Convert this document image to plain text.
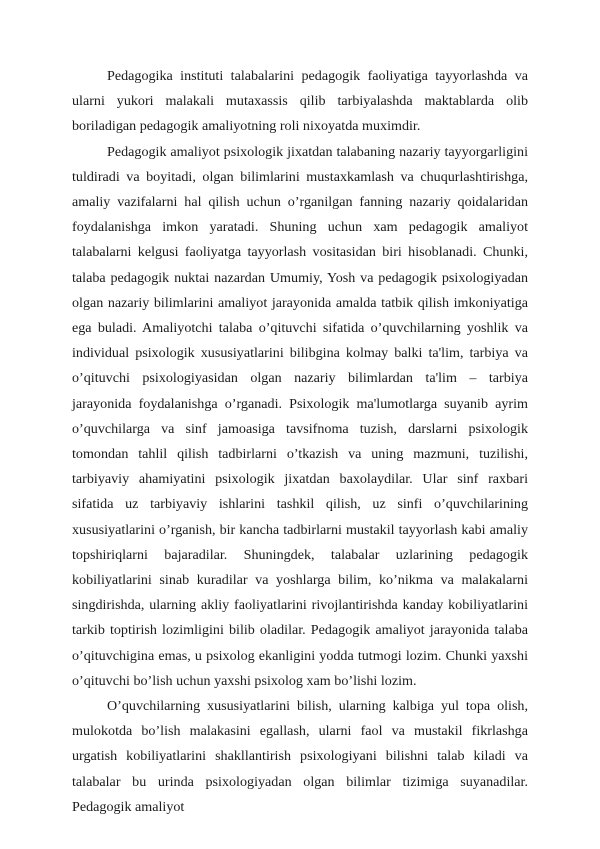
Pedagogika instituti talabalarini pedagogik faoliyatiga tayyorlashda va ularni yukori malakali mutaxassis qilib tarbiyalashda maktablarda olib boriladigan pedagogik amaliyotning roli nixoyatda muximdir.

Pedagogik amaliyot psixologik jixatdan talabaning nazariy tayyorgarligini tuldiradi va boyitadi, olgan bilimlarini mustaxkamlash va chuqurlashtirishga, amaliy vazifalarni hal qilish uchun o’rganilgan fanning nazariy qoidalaridan foydalanishga imkon yaratadi. Shuning uchun xam pedagogik amaliyot talabalarni kelgusi faoliyatga tayyorlash vositasidan biri hisoblanadi. Chunki, talaba pedagogik nuktai nazardan Umumiy, Yosh va pedagogik psixologiyadan olgan nazariy bilimlarini amaliyot jarayonida amalda tatbik qilish imkoniyatiga ega buladi. Amaliyotchi talaba o’qituvchi sifatida o’quvchilarning yoshlik va individual psixologik xususiyatlarini bilibgina kolmay balki ta'lim, tarbiya va o’qituvchi psixologiyasidan olgan nazariy bilimlardan ta'lim – tarbiya jarayonida foydalanishga o’rganadi. Psixologik ma'lumotlarga suyanib ayrim o’quvchilarga va sinf jamoasiga tavsifnoma tuzish, darslarni psixologik tomondan tahlil qilish tadbirlarni o’tkazish va uning mazmuni, tuzilishi, tarbiyaviy ahamiyatini psixologik jixatdan baxolaydilar. Ular sinf raxbari sifatida uz tarbiyaviy ishlarini tashkil qilish, uz sinfi o’quvchilarining xususiyatlarini o’rganish, bir kancha tadbirlarni mustakil tayyorlash kabi amaliy topshiriqlarni bajaradilar. Shuningdek, talabalar uzlarining pedagogik kobiliyatlarini sinab kuradilar va yoshlarga bilim, ko’nikma va malakalarni singdirishda, ularning akliy faoliyatlarini rivojlantirishda kanday kobiliyatlarini tarkib toptirish lozimligini bilib oladilar. Pedagogik amaliyot jarayonida talaba o’qituvchigina emas, u psixolog ekanligini yodda tutmogi lozim. Chunki yaxshi o’qituvchi bo’lish uchun yaxshi psixolog xam bo’lishi lozim.

O’quvchilarning xususiyatlarini bilish, ularning kalbiga yul topa olish, mulokotda bo’lish malakasini egallash, ularni faol va mustakil fikrlashga urgatish kobiliyatlarini shakllantirish psixologiyani bilishni talab kiladi va talabalar bu urinda psixologiyadan olgan bilimlar tizimiga suyanadilar. Pedagogik amaliyot
